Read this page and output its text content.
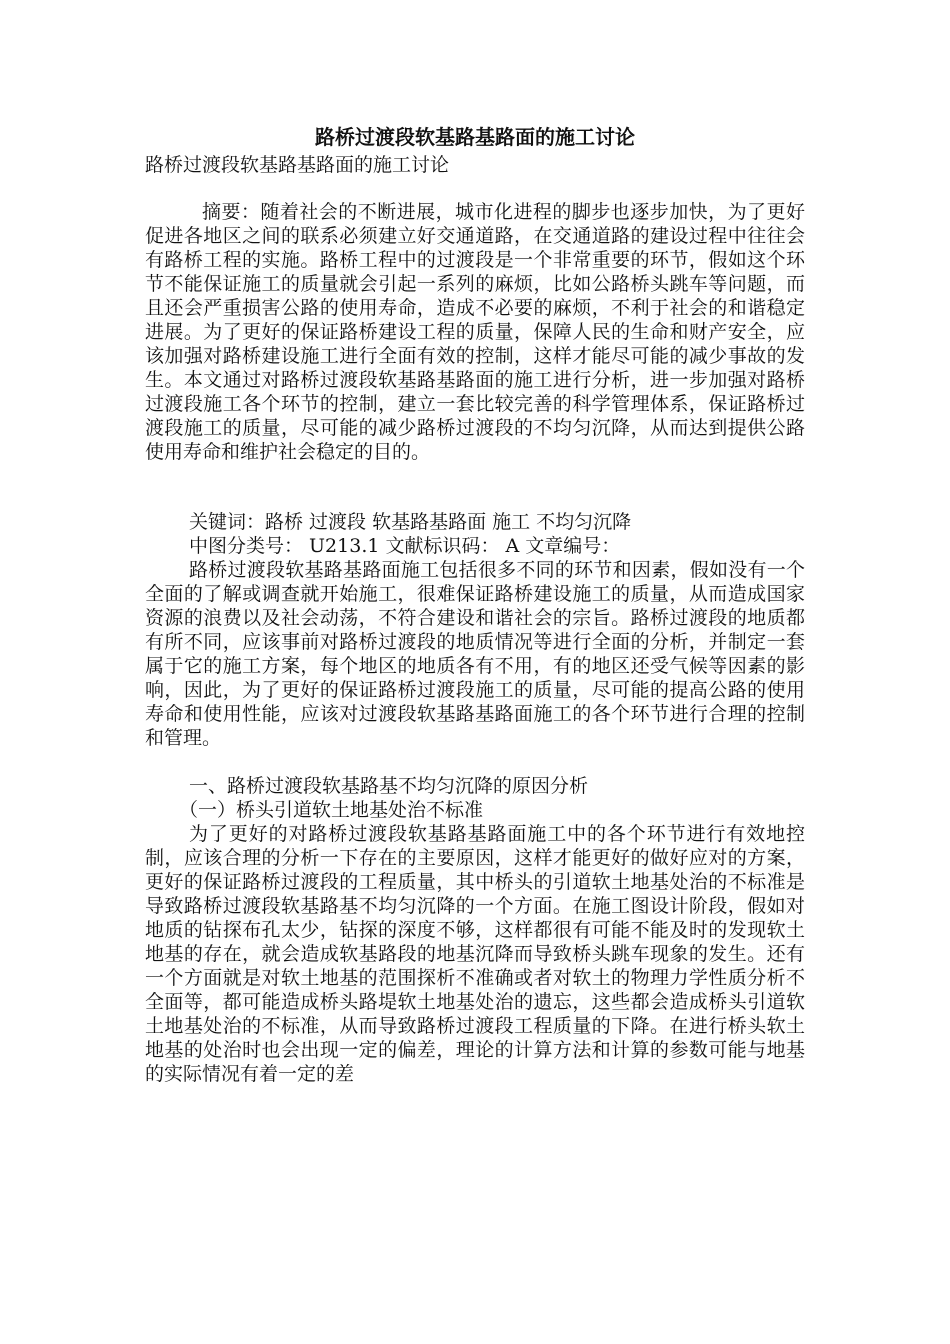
路桥过渡段软基路基路面的施工讨论

路桥过渡段软基路基路面的施工讨论

摘要：随着社会的不断进展，城市化进程的脚步也逐步加快，为了更好促进各地区之间的联系必须建立好交通道路，在交通道路的建设过程中往往会有路桥工程的实施。路桥工程中的过渡段是一个非常重要的环节，假如这个环节不能保证施工的质量就会引起一系列的麻烦，比如公路桥头跳车等问题，而且还会严重损害公路的使用寿命，造成不必要的麻烦，不利于社会的和谐稳定进展。为了更好的保证路桥建设工程的质量，保障人民的生命和财产安全，应该加强对路桥建设施工进行全面有效的控制，这样才能尽可能的减少事故的发生。本文通过对路桥过渡段软基路基路面的施工进行分析，进一步加强对路桥过渡段施工各个环节的控制，建立一套比较完善的科学管理体系，保证路桥过渡段施工的质量，尽可能的减少路桥过渡段的不均匀沉降，从而达到提供公路使用寿命和维护社会稳定的目的。

关键词：路桥 过渡段 软基路基路面 施工 不均匀沉降

中图分类号： U213.1 文献标识码： A 文章编号：

路桥过渡段软基路基路面施工包括很多不同的环节和因素，假如没有一个全面的了解或调查就开始施工，很难保证路桥建设施工的质量，从而造成国家资源的浪费以及社会动荡，不符合建设和谐社会的宗旨。路桥过渡段的地质都有所不同，应该事前对路桥过渡段的地质情况等进行全面的分析，并制定一套属于它的施工方案，每个地区的地质各有不用，有的地区还受气候等因素的影响，因此，为了更好的保证路桥过渡段施工的质量，尽可能的提高公路的使用寿命和使用性能，应该对过渡段软基路基路面施工的各个环节进行合理的控制和管理。

一、路桥过渡段软基路基不均匀沉降的原因分析

（一）桥头引道软土地基处治不标准

为了更好的对路桥过渡段软基路基路面施工中的各个环节进行有效地控制，应该合理的分析一下存在的主要原因，这样才能更好的做好应对的方案，更好的保证路桥过渡段的工程质量，其中桥头的引道软土地基处治的不标准是导致路桥过渡段软基路基不均匀沉降的一个方面。在施工图设计阶段，假如对地质的钻探布孔太少，钻探的深度不够，这样都很有可能不能及时的发现软土地基的存在，就会造成软基路段的地基沉降而导致桥头跳车现象的发生。还有一个方面就是对软土地基的范围探析不准确或者对软土的物理力学性质分析不全面等，都可能造成桥头路堤软土地基处治的遗忘，这些都会造成桥头引道软土地基处治的不标准，从而导致路桥过渡段工程质量的下降。在进行桥头软土地基的处治时也会出现一定的偏差，理论的计算方法和计算的参数可能与地基的实际情况有着一定的差
